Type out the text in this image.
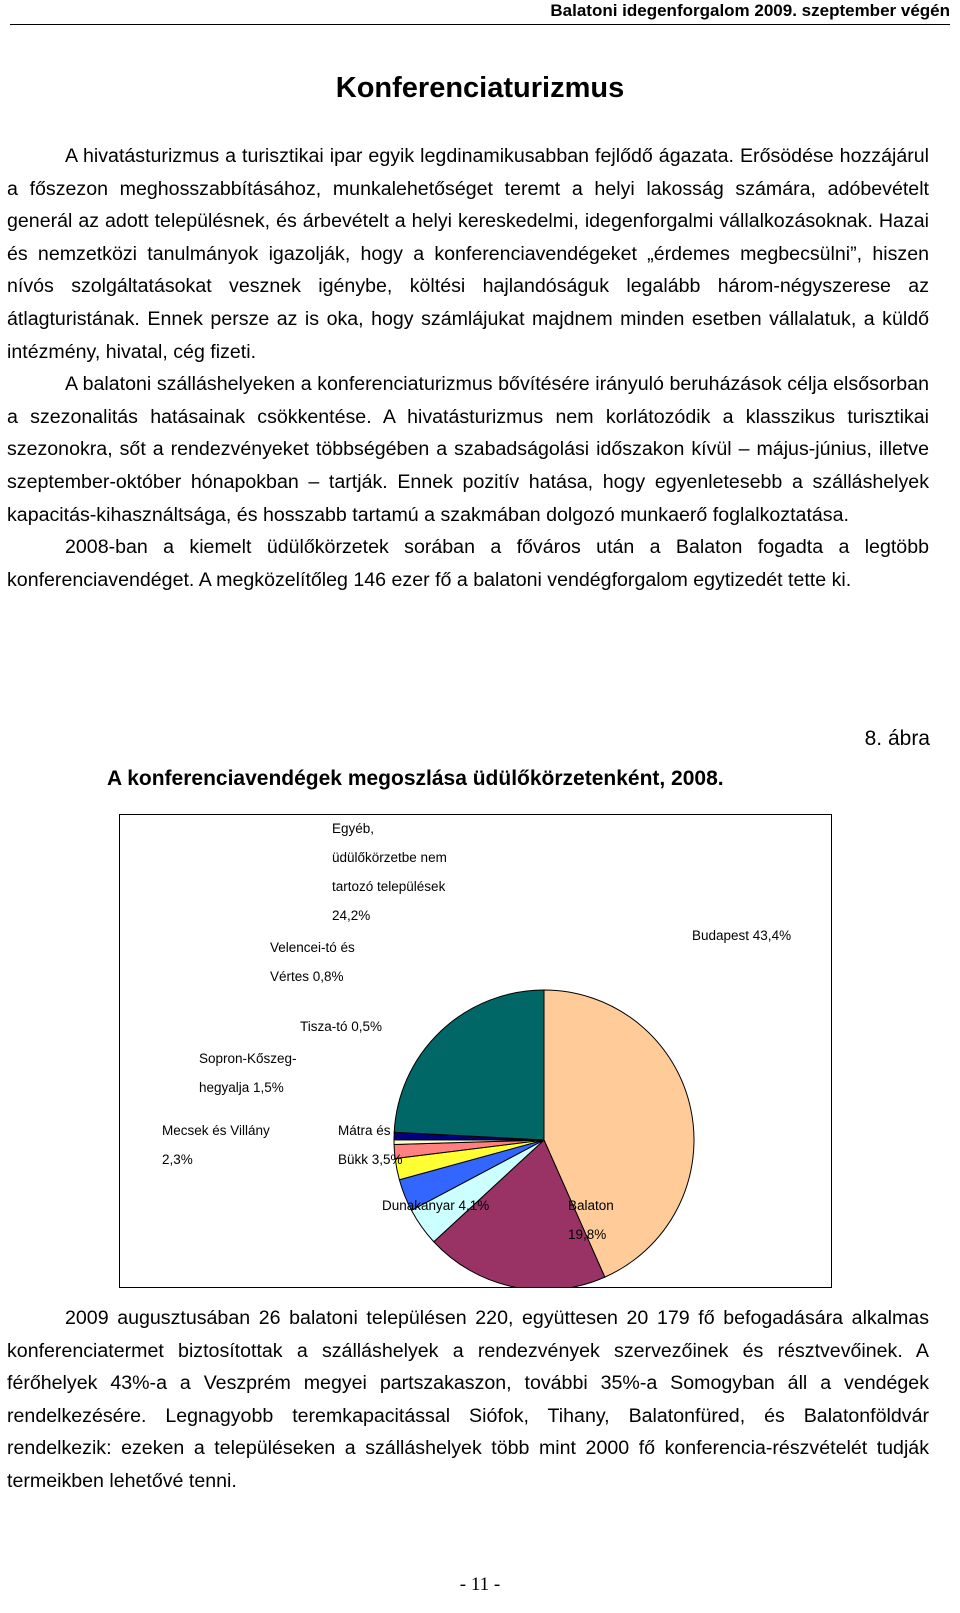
Balatoni idegenforgalom 2009. szeptember végén
Konferenciaturizmus

A hivatásturizmus a turisztikai ipar egyik legdinamikusabban fejlődő ágazata. Erősödése hozzájárul a főszezon meghosszabbításához, munkalehetőséget teremt a helyi lakosság számára, adóbevételt generál az adott településnek, és árbevételt a helyi kereskedelmi, idegenforgalmi vállalkozásoknak. Hazai és nemzetközi tanulmányok igazolják, hogy a konferenciavendégeket „érdemes megbecsülni”, hiszen nívós szolgáltatásokat vesznek igénybe, költési hajlandóságuk legalább három-négyszerese az átlagturistának. Ennek persze az is oka, hogy számlájukat majdnem minden esetben vállalatuk, a küldő intézmény, hivatal, cég fizeti.

A balatoni szálláshelyeken a konferenciaturizmus bővítésére irányuló beruházások célja elsősorban a szezonalitás hatásainak csökkentése. A hivatásturizmus nem korlátozódik a klasszikus turisztikai szezonokra, sőt a rendezvényeket többségében a szabadságolási időszakon kívül – május-június, illetve szeptember-október hónapokban – tartják. Ennek pozitív hatása, hogy egyenletesebb a szálláshelyek kapacitás-kihasználtsága, és hosszabb tartamú a szakmában dolgozó munkaerő foglalkoztatása.

2008-ban a kiemelt üdülőkörzetek sorában a főváros után a Balaton fogadta a legtöbb konferenciavendéget. A megközelítőleg 146 ezer fő a balatoni vendégforgalom egytizedét tette ki.

8. ábra
A konferenciavendégek megoszlása üdülőkörzetenként, 2008.
Budapest 43,4%
Balaton 19,8%
Dunakanyar 4,1%
Mátra és Bükk 3,5%
Mecsek és Villány 2,3%
Sopron-Kőszeg-hegyalja 1,5%
Tisza-tó 0,5%
Velencei-tó és Vértes 0,8%
Egyéb, üdülőkörzetbe nem tartozó települések 24,2%

2009 augusztusában 26 balatoni településen 220, együttesen 20 179 fő befogadására alkalmas konferenciatermet biztosítottak a szálláshelyek a rendezvények szervezőinek és résztvevőinek. A férőhelyek 43%-a a Veszprém megyei partszakaszon, további 35%-a Somogyban áll a vendégek rendelkezésére. Legnagyobb teremkapacitással Siófok, Tihany, Balatonfüred, és Balatonföldvár rendelkezik: ezeken a településeken a szálláshelyek több mint 2000 fő konferencia-részvételét tudják termeikben lehetővé tenni.

- 11 -
